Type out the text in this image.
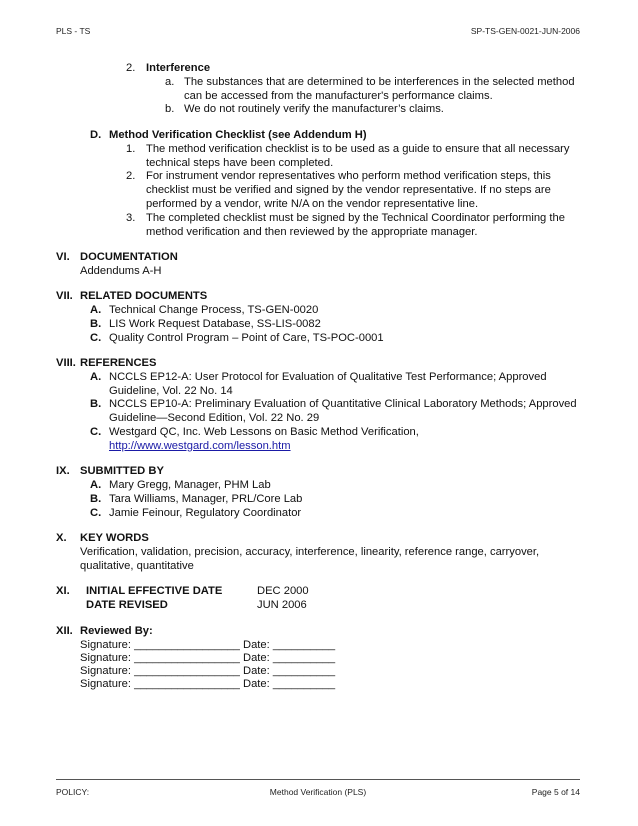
PLS - TS	SP-TS-GEN-0021-JUN-2006
2. Interference
a. The substances that are determined to be interferences in the selected method
can be accessed from the manufacturer's performance claims.
b. We do not routinely verify the manufacturer’s claims.
D. Method Verification Checklist (see Addendum H)
1. The method verification checklist is to be used as a guide to ensure that all necessary
technical steps have been completed.
2. For instrument vendor representatives who perform method verification steps, this
checklist must be verified and signed by the vendor representative. If no steps are
performed by a vendor, write N/A on the vendor representative line.
3. The completed checklist must be signed by the Technical Coordinator performing the
method verification and then reviewed by the appropriate manager.
VI. DOCUMENTATION
Addendums A-H
VII. RELATED DOCUMENTS
A. Technical Change Process, TS-GEN-0020
B. LIS Work Request Database, SS-LIS-0082
C. Quality Control Program – Point of Care, TS-POC-0001
VIII. REFERENCES
A. NCCLS EP12-A: User Protocol for Evaluation of Qualitative Test Performance; Approved
Guideline, Vol. 22 No. 14
B. NCCLS EP10-A: Preliminary Evaluation of Quantitative Clinical Laboratory Methods; Approved
Guideline—Second Edition, Vol. 22 No. 29
C. Westgard QC, Inc. Web Lessons on Basic Method Verification,
http://www.westgard.com/lesson.htm
IX. SUBMITTED BY
A. Mary Gregg, Manager, PHM Lab
B. Tara Williams, Manager, PRL/Core Lab
C. Jamie Feinour, Regulatory Coordinator
X. KEY WORDS
Verification, validation, precision, accuracy, interference, linearity, reference range, carryover,
qualitative, quantitative
XI. INITIAL EFFECTIVE DATE	DEC 2000
DATE REVISED	JUN 2006
XII. Reviewed By:
Signature: _________________ Date: __________
Signature: _________________ Date: __________
Signature: _________________ Date: __________
Signature: _________________ Date: __________
POLICY:	Method Verification (PLS)	Page 5 of 14
